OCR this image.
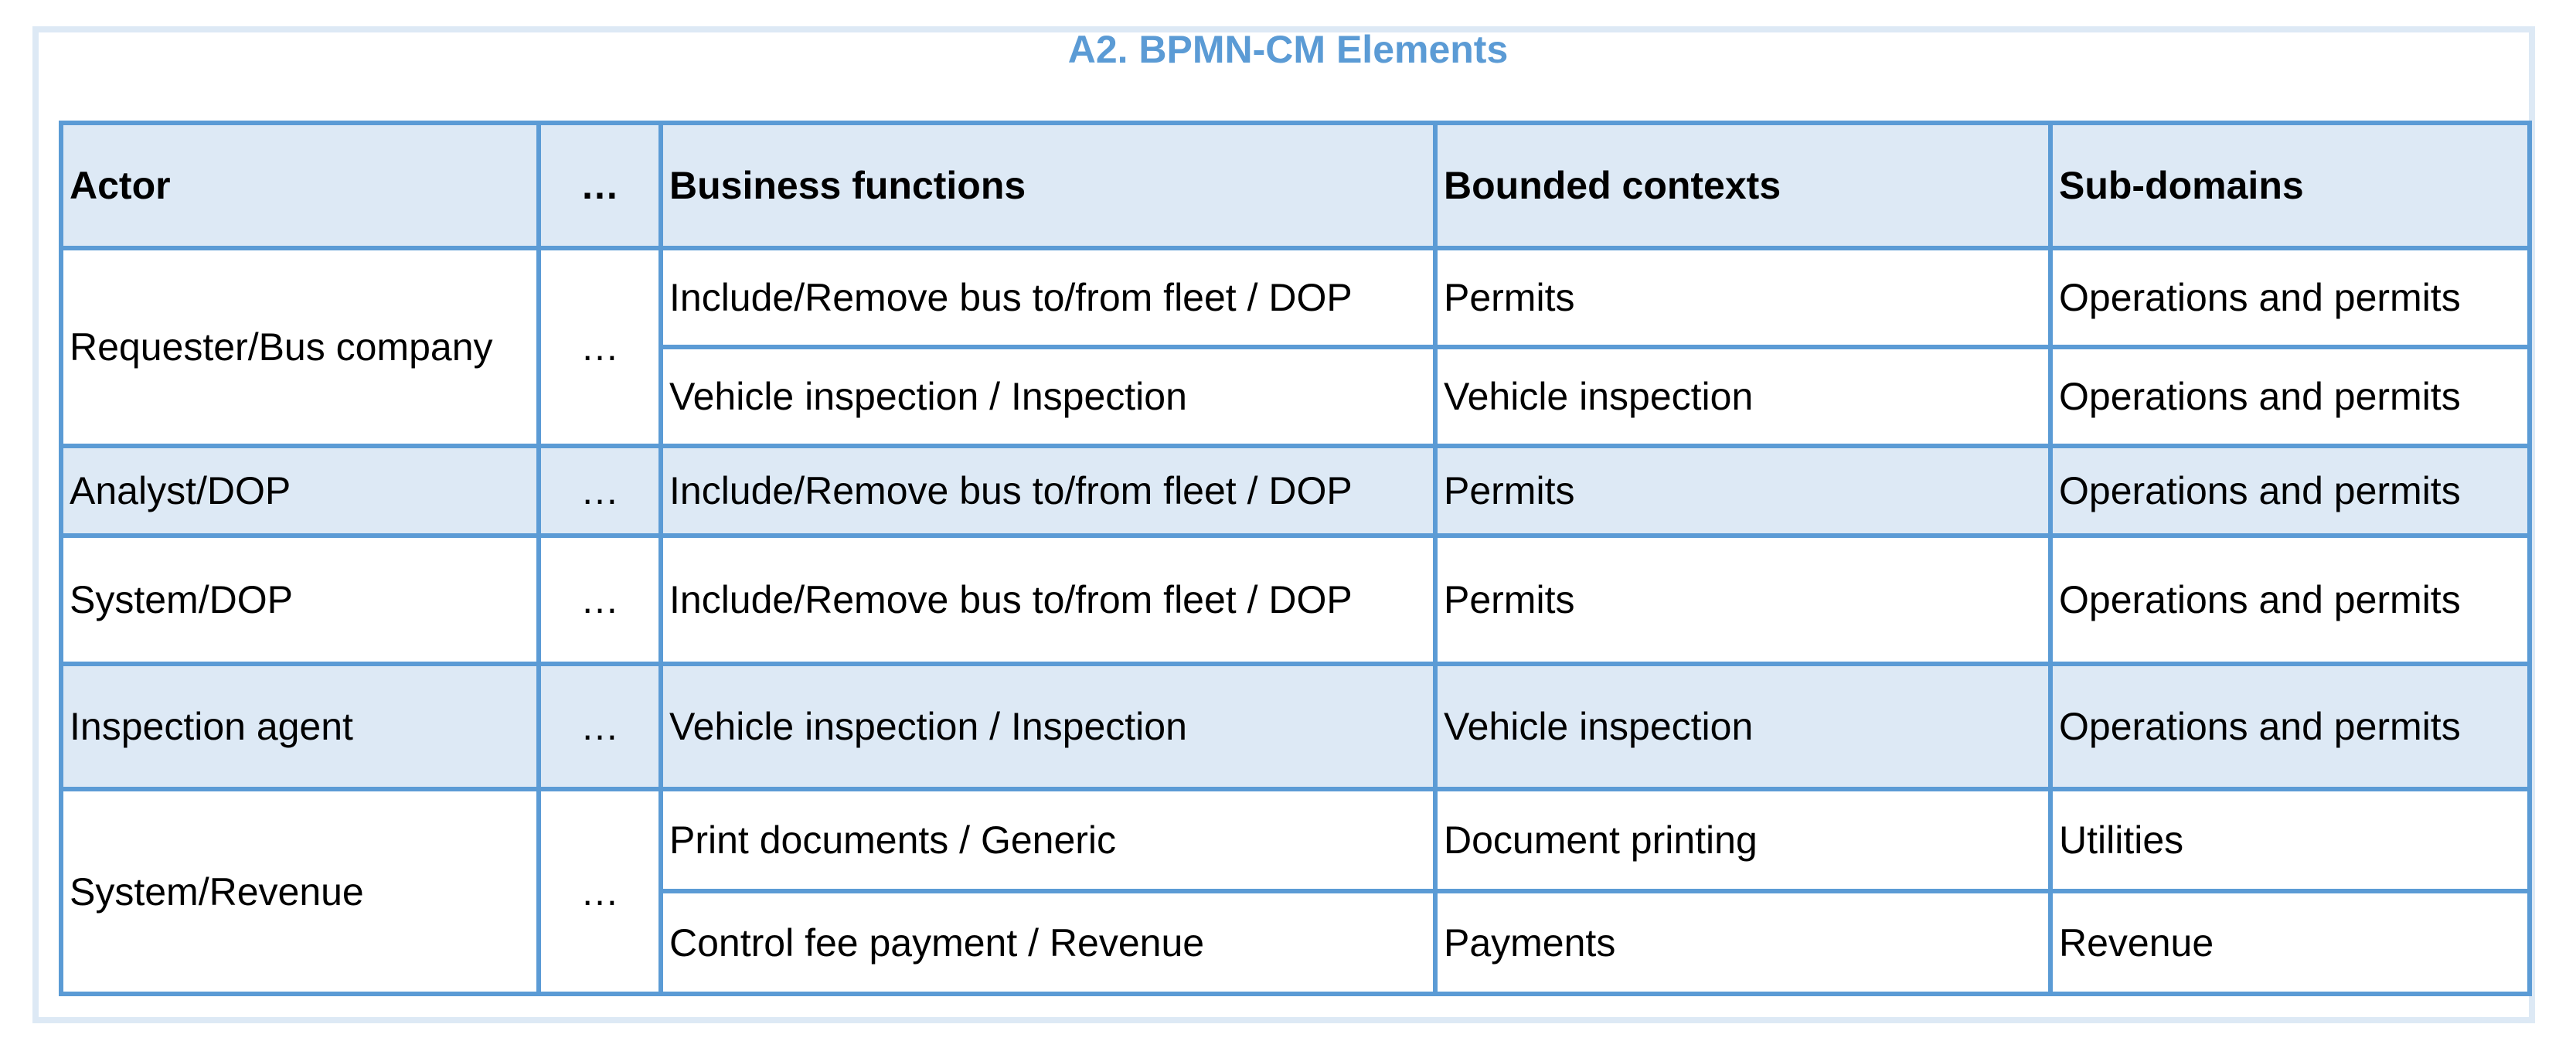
A2. BPMN-CM Elements
Actor	…	Business functions	Bounded contexts	Sub-domains
Requester/Bus company	…	Include/Remove bus to/from fleet / DOP	Permits	Operations and permits
		Vehicle inspection / Inspection	Vehicle inspection	Operations and permits
Analyst/DOP	…	Include/Remove bus to/from fleet / DOP	Permits	Operations and permits
System/DOP	…	Include/Remove bus to/from fleet / DOP	Permits	Operations and permits
Inspection agent	…	Vehicle inspection / Inspection	Vehicle inspection	Operations and permits
System/Revenue	…	Print documents / Generic	Document printing	Utilities
		Control fee payment / Revenue	Payments	Revenue
